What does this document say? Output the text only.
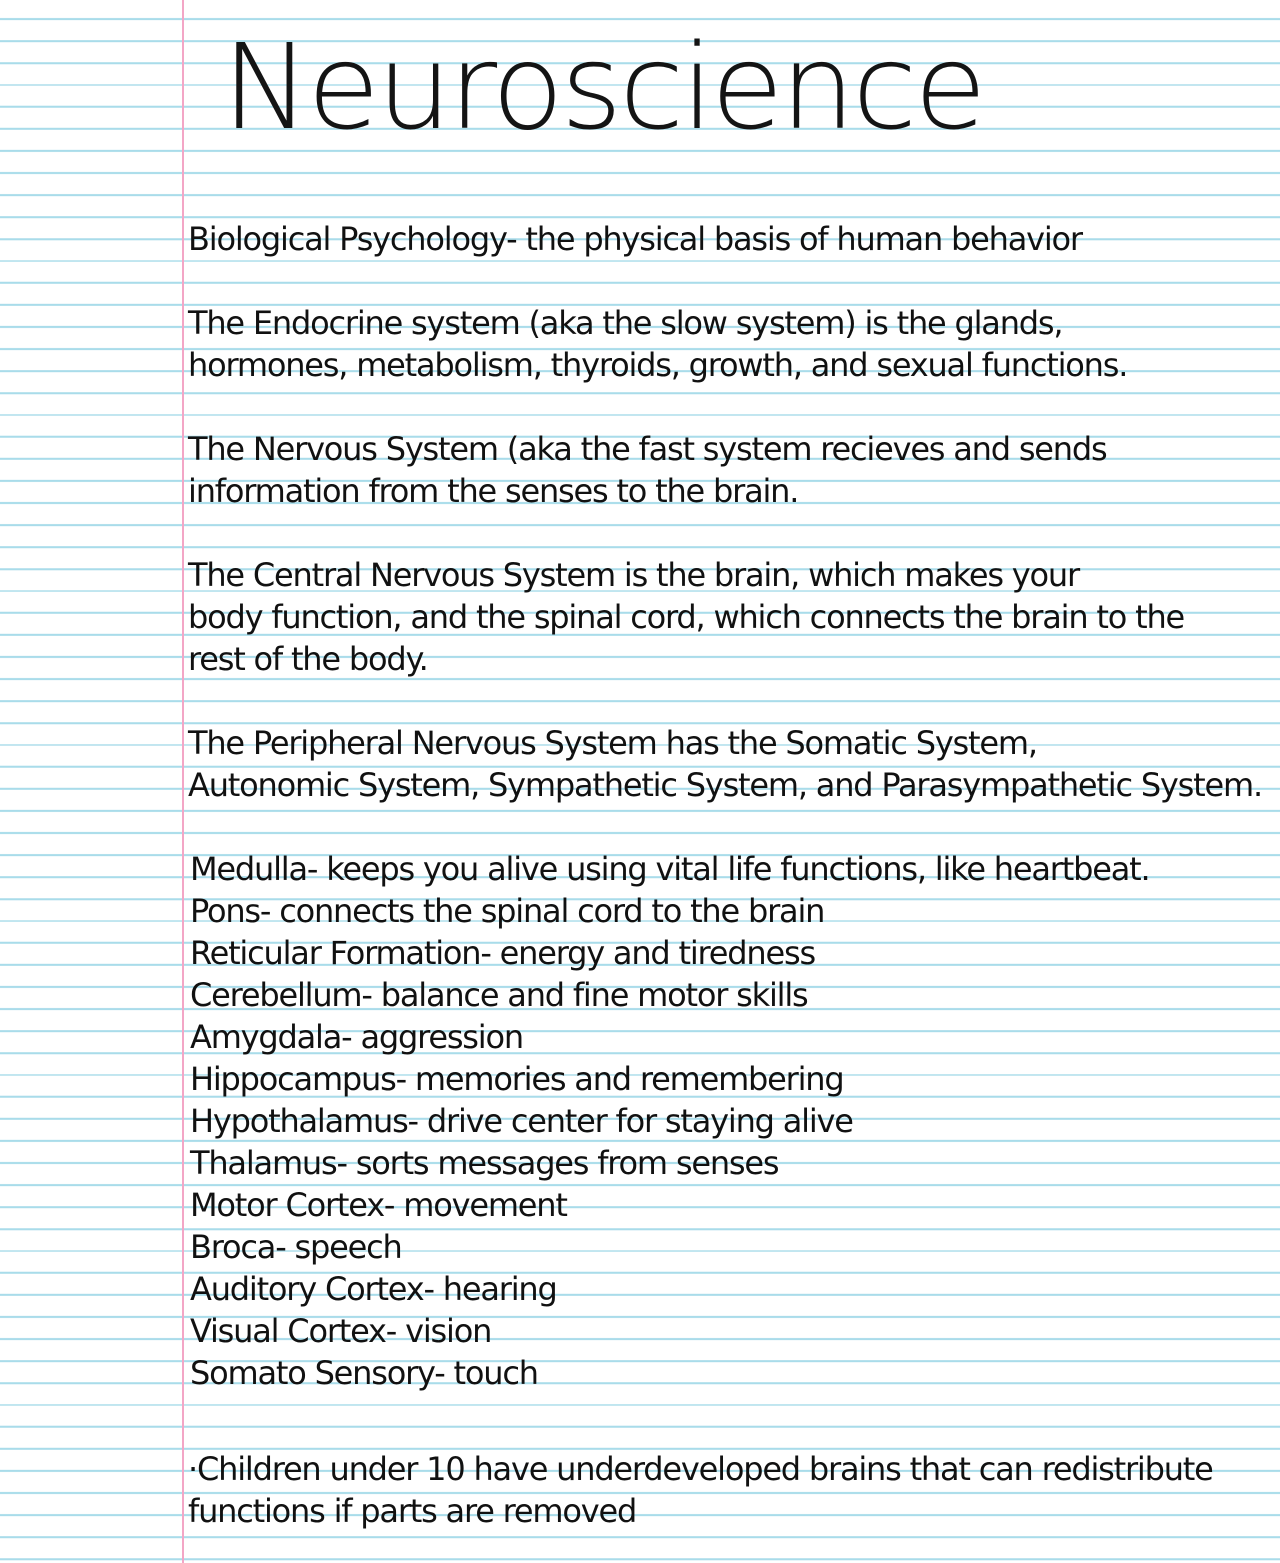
Neuroscience

Biological Psychology- the physical basis of human behavior

The Endocrine system (aka the slow system) is the glands,
hormones, metabolism, thyroids, growth, and sexual functions.

The Nervous System (aka the fast system recieves and sends
information from the senses to the brain.

The Central Nervous System is the brain, which makes your
body function, and the spinal cord, which connects the brain to the
rest of the body.

The Peripheral Nervous System has the Somatic System,
Autonomic System, Sympathetic System, and Parasympathetic System.

Medulla- keeps you alive using vital life functions, like heartbeat.
Pons- connects the spinal cord to the brain
Reticular Formation- energy and tiredness
Cerebellum- balance and fine motor skills
Amygdala- aggression
Hippocampus- memories and remembering
Hypothalamus- drive center for staying alive
Thalamus- sorts messages from senses
Motor Cortex- movement
Broca- speech
Auditory Cortex- hearing
Visual Cortex- vision
Somato Sensory- touch

·Children under 10 have underdeveloped brains that can redistribute
functions if parts are removed
